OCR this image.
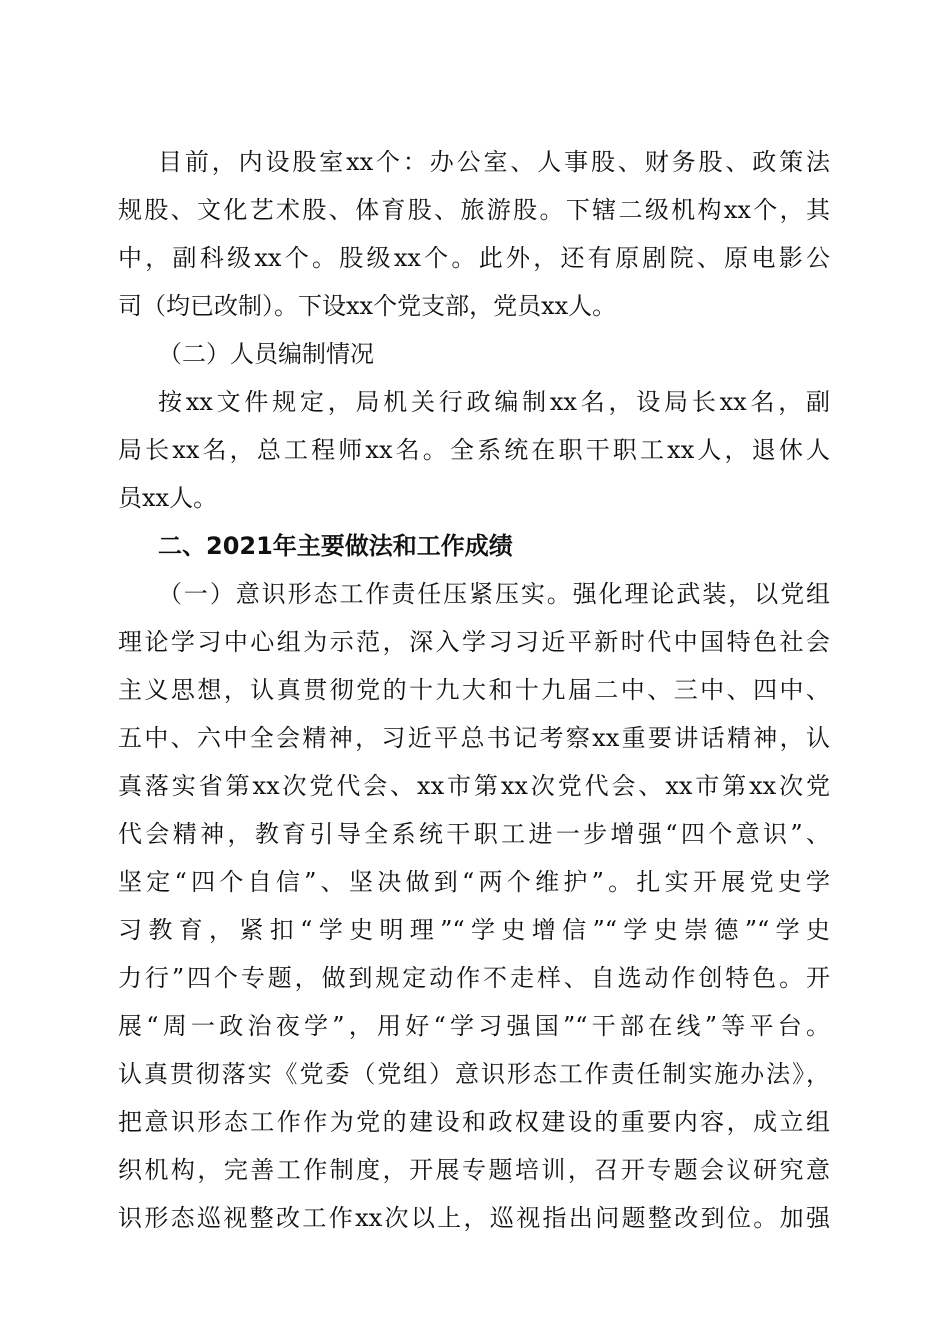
目前，内设股室xx个：办公室、人事股、财务股、政策法
规股、文化艺术股、体育股、旅游股。下辖二级机构xx个，其
中，副科级xx个。股级xx个。此外，还有原剧院、原电影公
司（均已改制）。下设xx个党支部，党员xx人。
（二）人员编制情况
按xx文件规定，局机关行政编制xx名，设局长xx名，副
局长xx名，总工程师xx名。全系统在职干职工xx人，退休人
员xx人。
二、2021年主要做法和工作成绩
（一）意识形态工作责任压紧压实。强化理论武装，以党组
理论学习中心组为示范，深入学习习近平新时代中国特色社会
主义思想，认真贯彻党的十九大和十九届二中、三中、四中、
五中、六中全会精神，习近平总书记考察xx重要讲话精神，认
真落实省第xx次党代会、xx市第xx次党代会、xx市第xx次党
代会精神，教育引导全系统干职工进一步增强“四个意识”、
坚定“四个自信”、坚决做到“两个维护”。扎实开展党史学
习教育，紧扣“学史明理”“学史增信”“学史崇德”“学史
力行”四个专题，做到规定动作不走样、自选动作创特色。开
展“周一政治夜学”，用好“学习强国”“干部在线”等平台。
认真贯彻落实《党委（党组）意识形态工作责任制实施办法》，
把意识形态工作作为党的建设和政权建设的重要内容，成立组
织机构，完善工作制度，开展专题培训，召开专题会议研究意
识形态巡视整改工作xx次以上，巡视指出问题整改到位。加强
